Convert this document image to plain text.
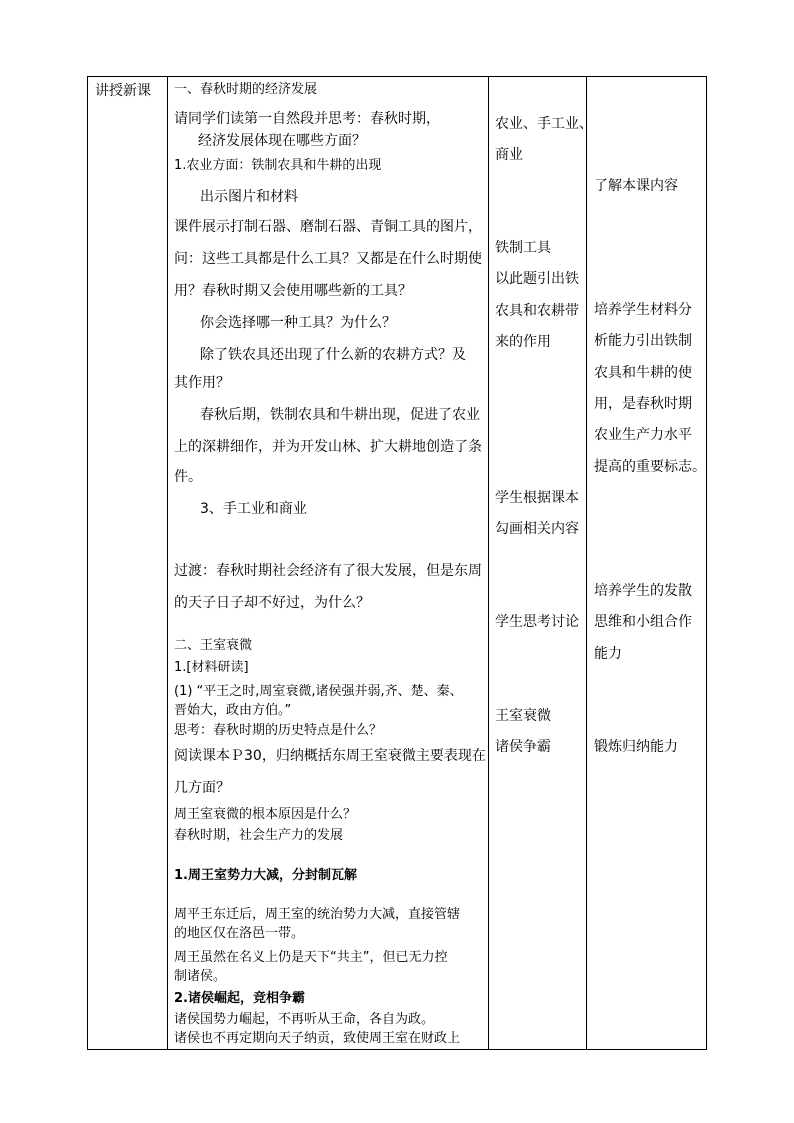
讲授新课 一、春秋时期的经济发展
请同学们读第一自然段并思考：春秋时期，
经济发展体现在哪些方面？
1.农业方面：铁制农具和牛耕的出现
出示图片和材料
课件展示打制石器、磨制石器、青铜工具的图片，
问：这些工具都是什么工具？又都是在什么时期使
用？春秋时期又会使用哪些新的工具？
你会选择哪一种工具？为什么？
除了铁农具还出现了什么新的农耕方式？及
其作用？
春秋后期，铁制农具和牛耕出现，促进了农业
上的深耕细作，并为开发山林、扩大耕地创造了条
件。
3、手工业和商业
过渡：春秋时期社会经济有了很大发展，但是东周
的天子日子却不好过，为什么？
二、王室衰微
1.[材料研读]
(1) “平王之时,周室衰微,诸侯强并弱,齐、楚、秦、
晋始大，政由方伯。”
思考：春秋时期的历史特点是什么？
阅读课本Ｐ30，归纳概括东周王室衰微主要表现在
几方面？
周王室衰微的根本原因是什么？
春秋时期，社会生产力的发展
1.周王室势力大减，分封制瓦解
周平王东迁后，周王室的统治势力大减，直接管辖
的地区仅在洛邑一带。
周王虽然在名义上仍是天下“共主”，但已无力控
制诸侯。
2.诸侯崛起，竞相争霸
诸侯国势力崛起，不再听从王命，各自为政。
诸侯也不再定期向天子纳贡，致使周王室在财政上
农业、手工业、
商业
铁制工具
以此题引出铁
农具和农耕带
来的作用
学生根据课本
勾画相关内容
学生思考讨论
王室衰微
诸侯争霸
了解本课内容
培养学生材料分
析能力引出铁制
农具和牛耕的使
用，是春秋时期
农业生产力水平
提高的重要标志。
培养学生的发散
思维和小组合作
能力
锻炼归纳能力
